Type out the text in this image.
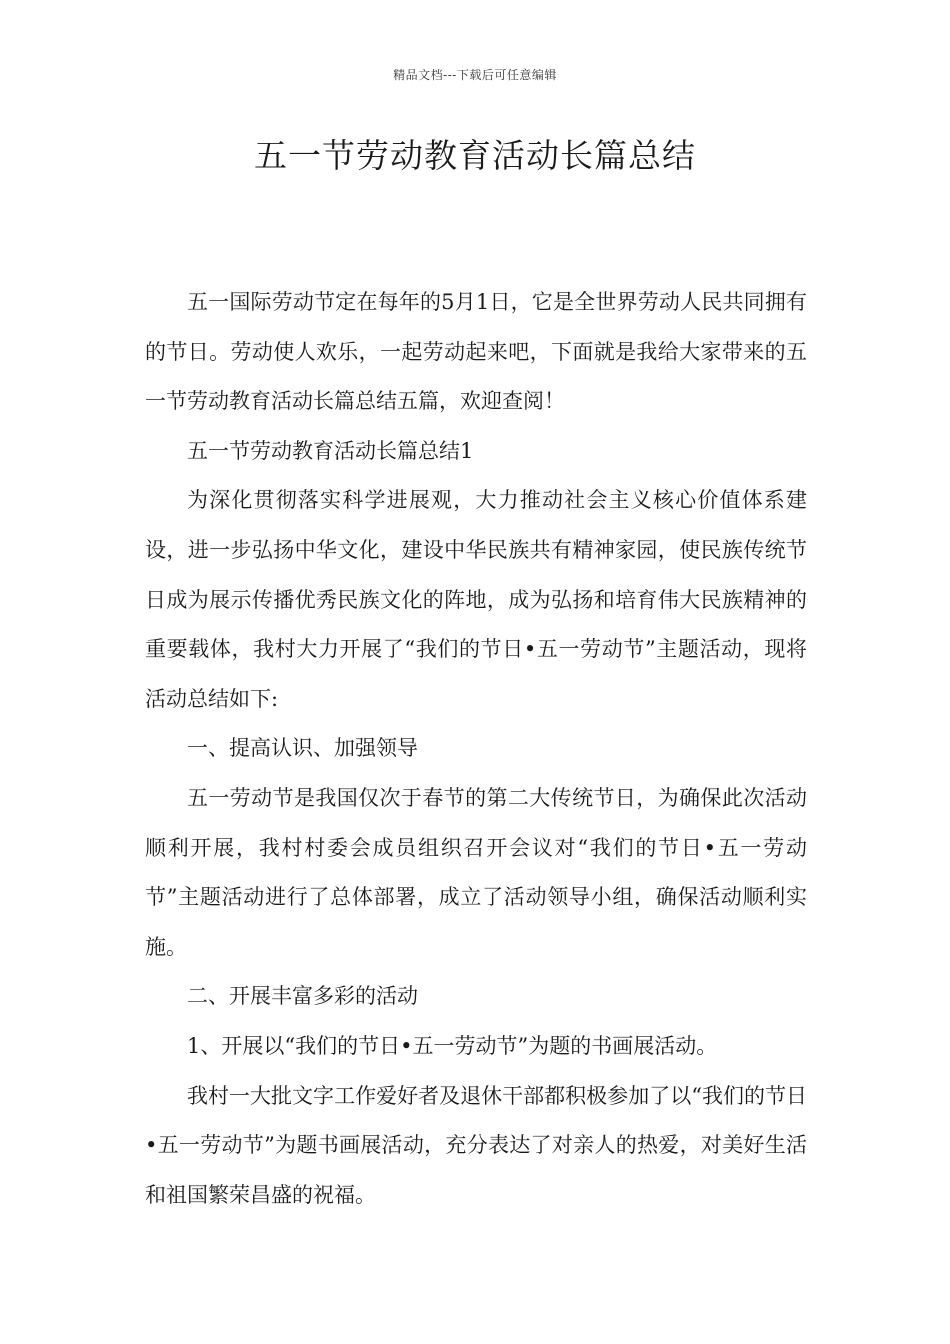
精品文档---下载后可任意编辑
五一节劳动教育活动长篇总结

五一国际劳动节定在每年的5月1日，它是全世界劳动人民共同拥有的节日。劳动使人欢乐，一起劳动起来吧，下面就是我给大家带来的五一节劳动教育活动长篇总结五篇，欢迎查阅！

五一节劳动教育活动长篇总结1

为深化贯彻落实科学进展观，大力推动社会主义核心价值体系建设，进一步弘扬中华文化，建设中华民族共有精神家园，使民族传统节日成为展示传播优秀民族文化的阵地，成为弘扬和培育伟大民族精神的重要载体，我村大力开展了“我们的节日•五一劳动节”主题活动，现将活动总结如下:

一、提高认识、加强领导

五一劳动节是我国仅次于春节的第二大传统节日，为确保此次活动顺利开展，我村村委会成员组织召开会议对“我们的节日•五一劳动节”主题活动进行了总体部署，成立了活动领导小组，确保活动顺利实施。

二、开展丰富多彩的活动

1、开展以“我们的节日•五一劳动节”为题的书画展活动。

我村一大批文字工作爱好者及退休干部都积极参加了以“我们的节日•五一劳动节”为题书画展活动，充分表达了对亲人的热爱，对美好生活和祖国繁荣昌盛的祝福。
